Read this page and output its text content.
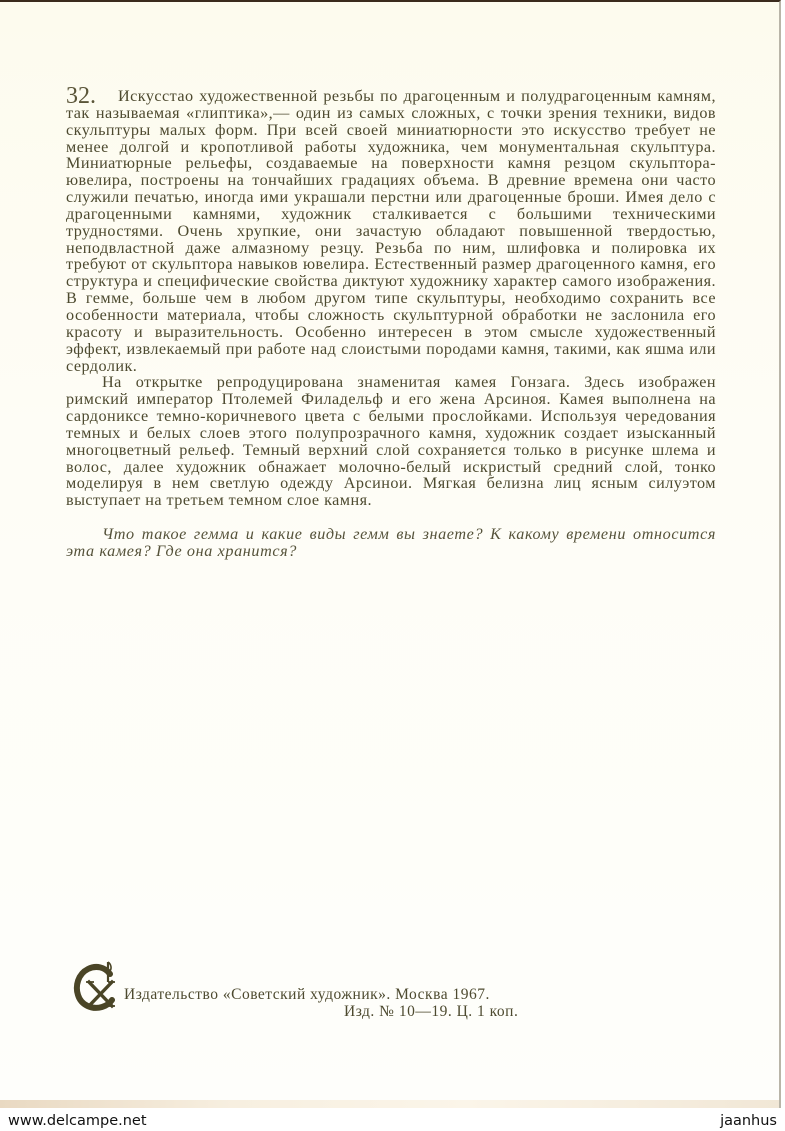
32. Искусстао художественной резьбы по драгоценным и полудрагоценным камням, так называемая «глиптика»,— один из самых сложных, с точки зрения техники, видов скульптуры малых форм. При всей своей миниатюрности это искусство требует не менее долгой и кропотливой работы художника, чем монументальная скульптура. Миниатюрные рельефы, создаваемые на поверхности камня резцом скульптора-ювелира, построены на тончайших градациях объема. В древние времена они часто служили печатью, иногда ими украшали перстни или драгоценные броши. Имея дело с драгоценными камнями, художник сталкивается с большими техническими трудностями. Очень хрупкие, они зачастую обладают повышенной твердостью, неподвластной даже алмазному резцу. Резьба по ним, шлифовка и полировка их требуют от скульптора навыков ювелира. Естественный размер драгоценного камня, его структура и специфические свойства диктуют художнику характер самого изображения. В гемме, больше чем в любом другом типе скульптуры, необходимо сохранить все особенности материала, чтобы сложность скульптурной обработки не заслонила его красоту и выразительность. Особенно интересен в этом смысле художественный эффект, извлекаемый при работе над слоистыми породами камня, такими, как яшма или сердолик.

На открытке репродуцирована знаменитая камея Гонзага. Здесь изображен римский император Птолемей Филадельф и его жена Арсиноя. Камея выполнена на сардониксе темно-коричневого цвета с белыми прослойками. Используя чередования темных и белых слоев этого полупрозрачного камня, художник создает изысканный многоцветный рельеф. Темный верхний слой сохраняется только в рисунке шлема и волос, далее художник обнажает молочно-белый искристый средний слой, тонко моделируя в нем светлую одежду Арсинои. Мягкая белизна лиц ясным силуэтом выступает на третьем темном слое камня.

Что такое гемма и какие виды гемм вы знаете? К какому времени относится эта камея? Где она хранится?

Издательство «Советский художник». Москва 1967.
Изд. № 10—19. Ц. 1 коп.
www.delcampe.net	jaanhus
